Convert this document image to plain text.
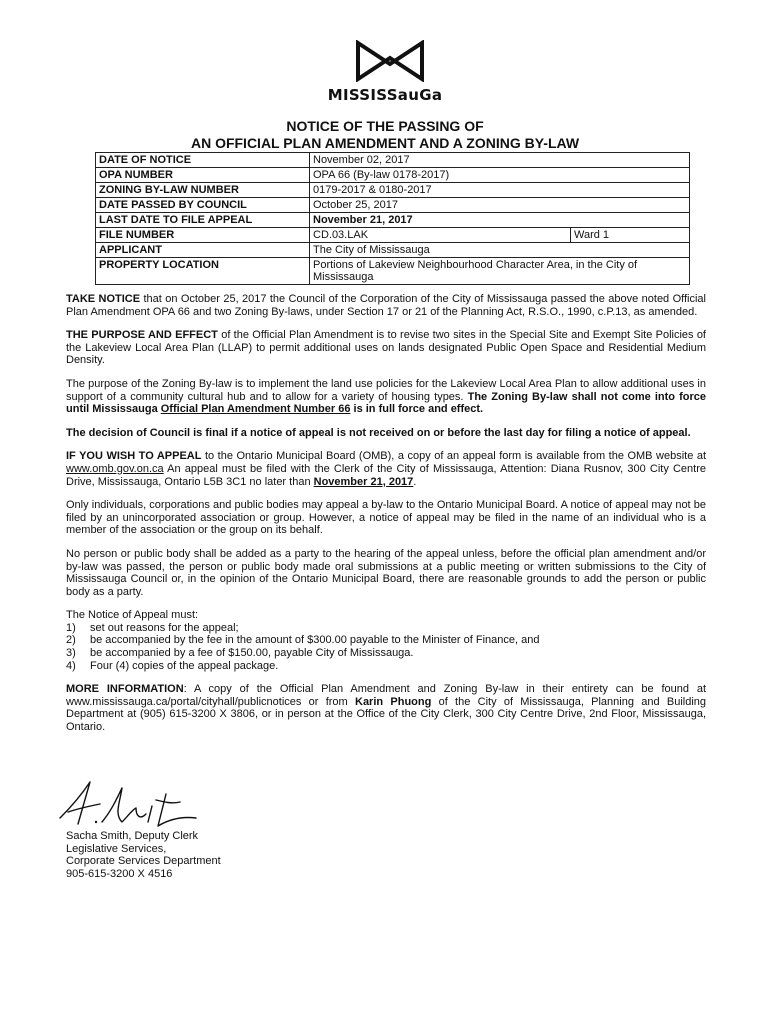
MISSISSauGa
NOTICE OF THE PASSING OF
AN OFFICIAL PLAN AMENDMENT AND A ZONING BY-LAW
DATE OF NOTICE	November 02, 2017	
OPA NUMBER	OPA 66 (By-law 0178-2017)	
ZONING BY-LAW NUMBER	0179-2017 & 0180-2017	
DATE PASSED BY COUNCIL	October 25, 2017	
LAST DATE TO FILE APPEAL	November 21, 2017	
FILE NUMBER	CD.03.LAK	Ward 1
APPLICANT	The City of Mississauga	
PROPERTY LOCATION	Portions of Lakeview Neighbourhood Character Area, in the City of Mississauga	

TAKE NOTICE that on October 25, 2017 the Council of the Corporation of the City of Mississauga passed the above noted Official Plan Amendment OPA 66 and two Zoning By-laws, under Section 17 or 21 of the Planning Act, R.S.O., 1990, c.P.13, as amended.

THE PURPOSE AND EFFECT of the Official Plan Amendment is to revise two sites in the Special Site and Exempt Site Policies of the Lakeview Local Area Plan (LLAP) to permit additional uses on lands designated Public Open Space and Residential Medium Density.

The purpose of the Zoning By-law is to implement the land use policies for the Lakeview Local Area Plan to allow additional uses in support of a community cultural hub and to allow for a variety of housing types. The Zoning By-law shall not come into force until Mississauga Official Plan Amendment Number 66 is in full force and effect.

The decision of Council is final if a notice of appeal is not received on or before the last day for filing a notice of appeal.

IF YOU WISH TO APPEAL to the Ontario Municipal Board (OMB), a copy of an appeal form is available from the OMB website at www.omb.gov.on.ca An appeal must be filed with the Clerk of the City of Mississauga, Attention: Diana Rusnov, 300 City Centre Drive, Mississauga, Ontario L5B 3C1 no later than November 21, 2017.

Only individuals, corporations and public bodies may appeal a by-law to the Ontario Municipal Board. A notice of appeal may not be filed by an unincorporated association or group. However, a notice of appeal may be filed in the name of an individual who is a member of the association or the group on its behalf.

No person or public body shall be added as a party to the hearing of the appeal unless, before the official plan amendment and/or by-law was passed, the person or public body made oral submissions at a public meeting or written submissions to the City of Mississauga Council or, in the opinion of the Ontario Municipal Board, there are reasonable grounds to add the person or public body as a party.

The Notice of Appeal must:
1)	set out reasons for the appeal;
2)	be accompanied by the fee in the amount of $300.00 payable to the Minister of Finance, and
3)	be accompanied by a fee of $150.00, payable City of Mississauga.
4)	Four (4) copies of the appeal package.

MORE INFORMATION: A copy of the Official Plan Amendment and Zoning By-law in their entirety can be found at www.mississauga.ca/portal/cityhall/publicnotices or from Karin Phuong of the City of Mississauga, Planning and Building Department at (905) 615-3200 X 3806, or in person at the Office of the City Clerk, 300 City Centre Drive, 2nd Floor, Mississauga, Ontario.

Sacha Smith, Deputy Clerk
Legislative Services,
Corporate Services Department
905-615-3200 X 4516
